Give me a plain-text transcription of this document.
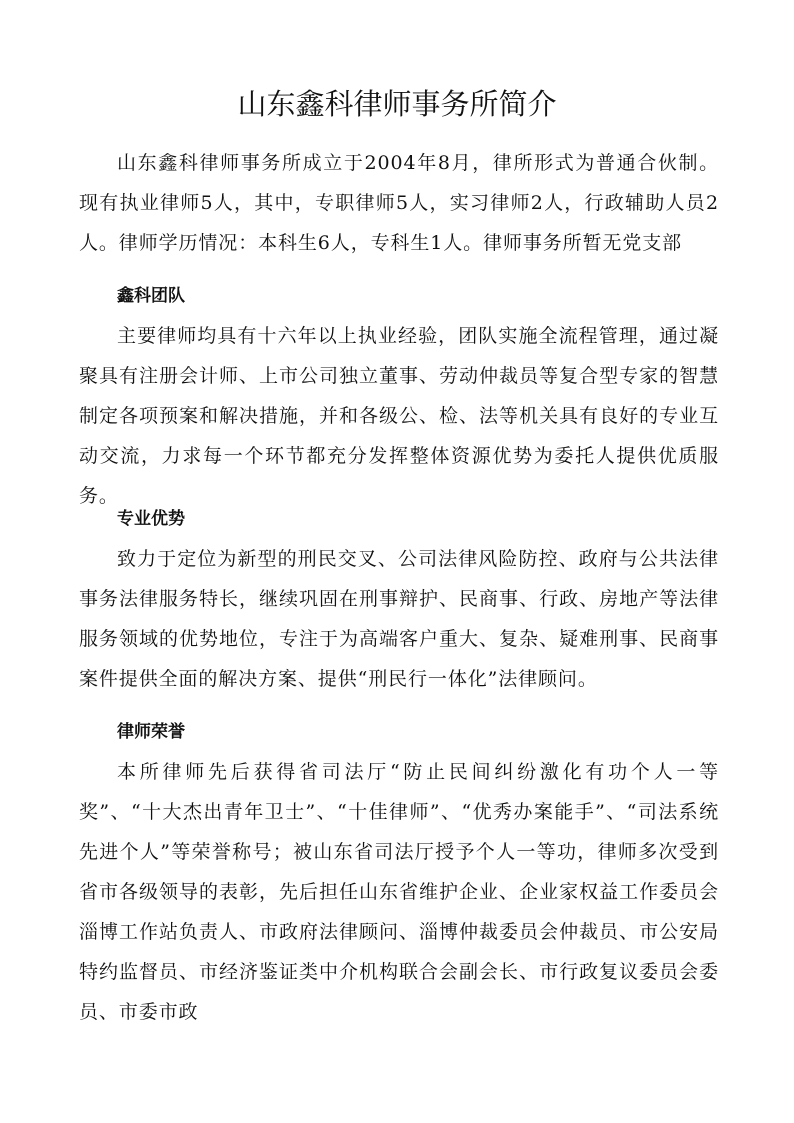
山东鑫科律师事务所简介

山东鑫科律师事务所成立于2004年8月，律所形式为普通合伙制。现有执业律师5人，其中，专职律师5人，实习律师2人，行政辅助人员2人。律师学历情况：本科生6人，专科生1人。律师事务所暂无党支部

鑫科团队

主要律师均具有十六年以上执业经验，团队实施全流程管理，通过凝聚具有注册会计师、上市公司独立董事、劳动仲裁员等复合型专家的智慧制定各项预案和解决措施，并和各级公、检、法等机关具有良好的专业互动交流，力求每一个环节都充分发挥整体资源优势为委托人提供优质服务。

专业优势

致力于定位为新型的刑民交叉、公司法律风险防控、政府与公共法律事务法律服务特长，继续巩固在刑事辩护、民商事、行政、房地产等法律服务领域的优势地位，专注于为高端客户重大、复杂、疑难刑事、民商事案件提供全面的解决方案、提供“刑民行一体化”法律顾问。

律师荣誉

本所律师先后获得省司法厅“防止民间纠纷激化有功个人一等奖”、“十大杰出青年卫士”、“十佳律师”、“优秀办案能手”、“司法系统先进个人”等荣誉称号；被山东省司法厅授予个人一等功，律师多次受到省市各级领导的表彰，先后担任山东省维护企业、企业家权益工作委员会淄博工作站负责人、市政府法律顾问、淄博仲裁委员会仲裁员、市公安局特约监督员、市经济鉴证类中介机构联合会副会长、市行政复议委员会委员、市委市政
